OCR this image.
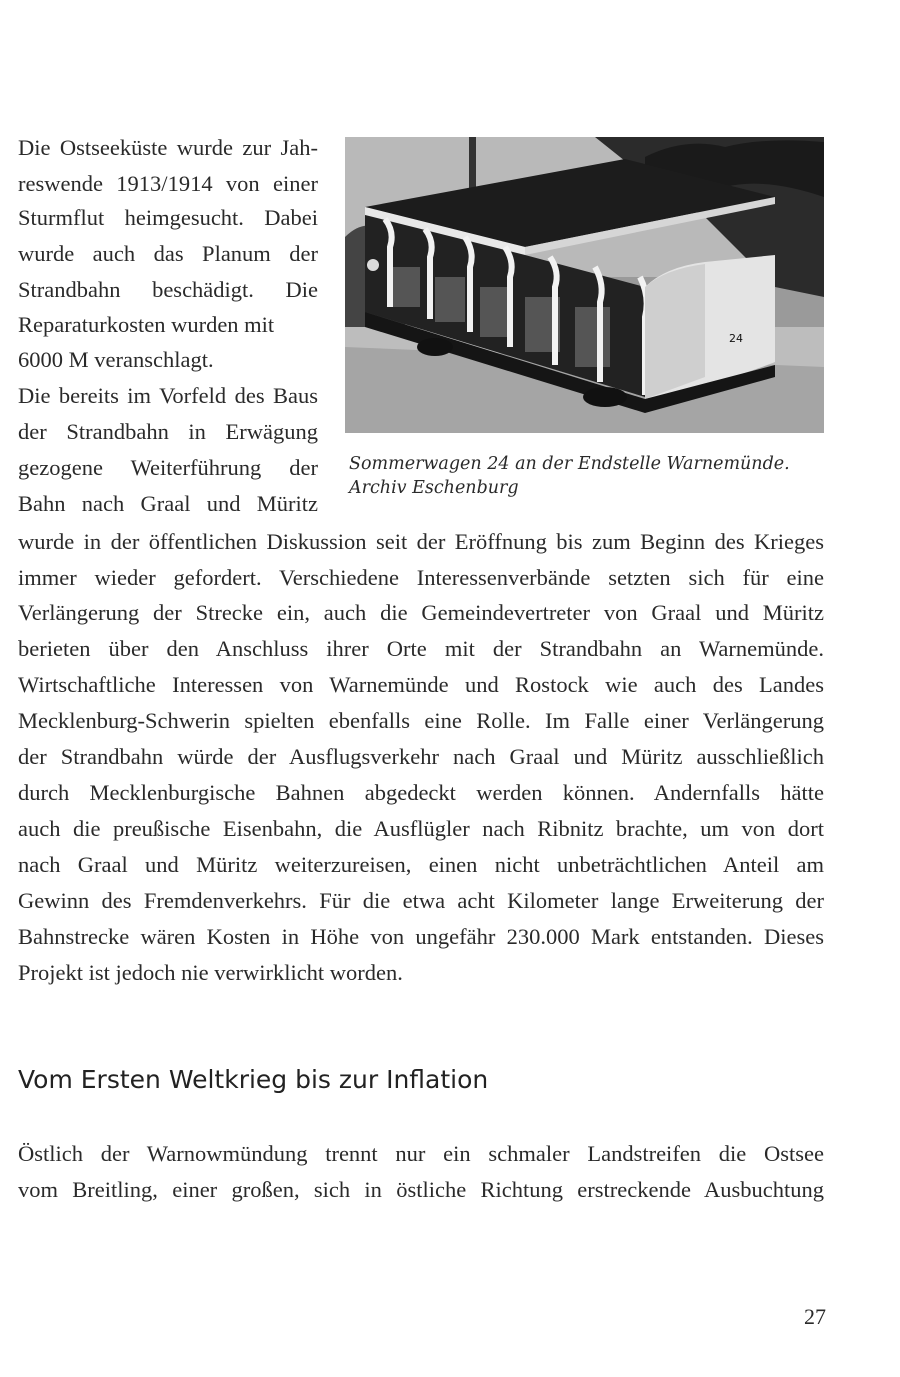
Die Ostseeküste wurde zur Jah-

reswende 1913/1914 von einer

Sturmflut heimgesucht. Dabei

wurde auch das Planum der

Strandbahn beschädigt. Die

Reparaturkosten wurden mit

6000 M veranschlagt.

Die bereits im Vorfeld des Baus

der Strandbahn in Erwägung

gezogene Weiterführung der

Bahn nach Graal und Müritz

24
Sommerwagen 24 an der Endstelle Warnemünde.
Archiv Eschenburg

wurde in der öffentlichen Diskussion seit der Eröffnung bis zum Beginn des Krieges

immer wieder gefordert. Verschiedene Interessenverbände setzten sich für eine

Verlängerung der Strecke ein, auch die Gemeindevertreter von Graal und Müritz

berieten über den Anschluss ihrer Orte mit der Strandbahn an Warnemünde.

Wirtschaftliche Interessen von Warnemünde und Rostock wie auch des Landes

Mecklenburg-Schwerin spielten ebenfalls eine Rolle. Im Falle einer Verlängerung

der Strandbahn würde der Ausflugsverkehr nach Graal und Müritz ausschließlich

durch Mecklenburgische Bahnen abgedeckt werden können. Andernfalls hätte

auch die preußische Eisenbahn, die Ausflügler nach Ribnitz brachte, um von dort

nach Graal und Müritz weiterzureisen, einen nicht unbeträchtlichen Anteil am

Gewinn des Fremdenverkehrs. Für die etwa acht Kilometer lange Erweiterung der

Bahnstrecke wären Kosten in Höhe von ungefähr 230.000 Mark entstanden. Dieses

Projekt ist jedoch nie verwirklicht worden.

Vom Ersten Weltkrieg bis zur Inflation

Östlich der Warnowmündung trennt nur ein schmaler Landstreifen die Ostsee

vom Breitling, einer großen, sich in östliche Richtung erstreckende Ausbuchtung

27
